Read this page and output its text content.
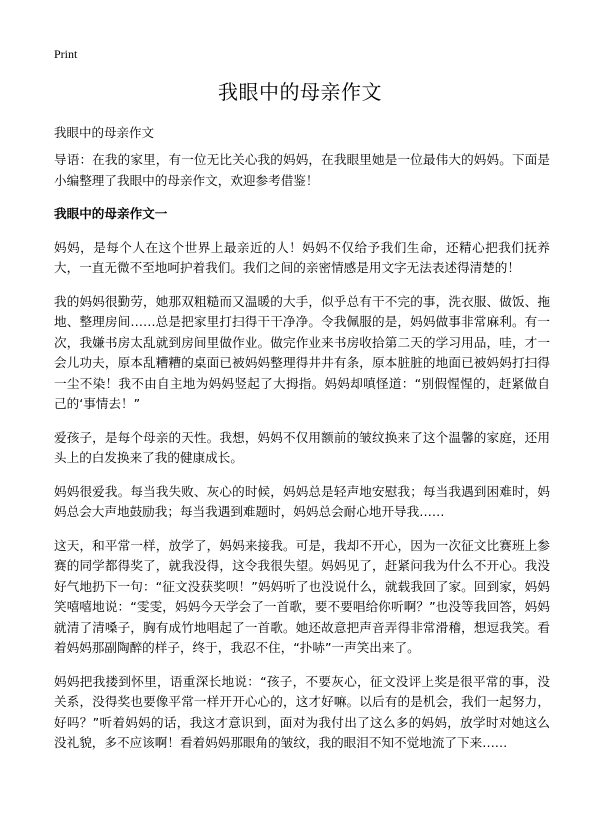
Print
我眼中的母亲作文
我眼中的母亲作文

导语：在我的家里，有一位无比关心我的妈妈，在我眼里她是一位最伟大的妈妈。下面是小编整理了我眼中的母亲作文，欢迎参考借鉴！

我眼中的母亲作文一

妈妈，是每个人在这个世界上最亲近的人！妈妈不仅给予我们生命，还精心把我们抚养大，一直无微不至地呵护着我们。我们之间的亲密情感是用文字无法表述得清楚的！

我的妈妈很勤劳，她那双粗糙而又温暖的大手，似乎总有干不完的事，洗衣服、做饭、拖地、整理房间……总是把家里打扫得干干净净。令我佩服的是，妈妈做事非常麻利。有一次，我嫌书房太乱就到房间里做作业。做完作业来书房收拾第二天的学习用品，哇，才一会儿功夫，原本乱糟糟的桌面已被妈妈整理得井井有条，原本脏脏的地面已被妈妈打扫得一尘不染！我不由自主地为妈妈竖起了大拇指。妈妈却嗔怪道：“别假惺惺的，赶紧做自己的‘事情去！”

爱孩子，是每个母亲的天性。我想，妈妈不仅用额前的皱纹换来了这个温馨的家庭，还用头上的白发换来了我的健康成长。

妈妈很爱我。每当我失败、灰心的时候，妈妈总是轻声地安慰我；每当我遇到困难时，妈妈总会大声地鼓励我；每当我遇到难题时，妈妈总会耐心地开导我……

这天，和平常一样，放学了，妈妈来接我。可是，我却不开心，因为一次征文比赛班上参赛的同学都得奖了，就我没得，这令我很失望。妈妈见了，赶紧问我为什么不开心。我没好气地扔下一句：“征文没获奖呗！”妈妈听了也没说什么，就载我回了家。回到家，妈妈笑嘻嘻地说：“雯雯，妈妈今天学会了一首歌，要不要唱给你听啊？”也没等我回答，妈妈就清了清嗓子，胸有成竹地唱起了一首歌。她还故意把声音弄得非常滑稽，想逗我笑。看着妈妈那副陶醉的样子，终于，我忍不住，“扑哧”一声笑出来了。

妈妈把我搂到怀里，语重深长地说：“孩子，不要灰心，征文没评上奖是很平常的事，没关系，没得奖也要像平常一样开开心心的，这才好嘛。以后有的是机会，我们一起努力，好吗？”听着妈妈的话，我这才意识到，面对为我付出了这么多的妈妈，放学时对她这么没礼貌，多不应该啊！看着妈妈那眼角的皱纹，我的眼泪不知不觉地流了下来……
